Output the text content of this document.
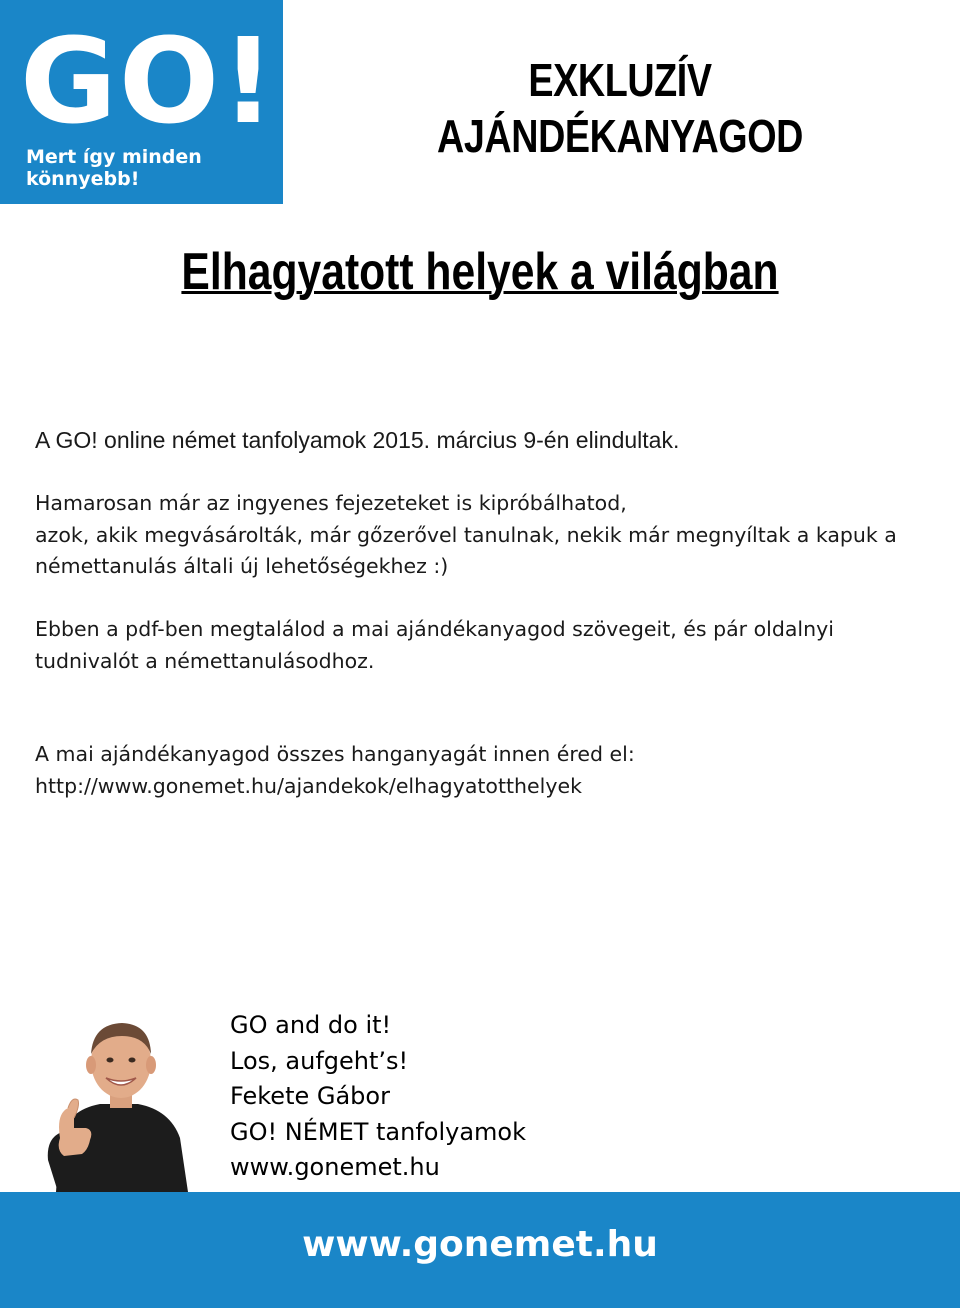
GO!
Mert így minden könnyebb!
EXKLUZÍV AJÁNDÉKANYAGOD
Elhagyatott helyek a világban
A GO! online német tanfolyamok 2015. március 9-én elindultak.
Hamarosan már az ingyenes fejezeteket is kipróbálhatod,
azok, akik megvásárolták, már gőzerővel tanulnak, nekik már megnyíltak a kapuk a
némettanulás általi új lehetőségekhez :)
Ebben a pdf-ben megtalálod a mai ajándékanyagod szövegeit, és pár oldalnyi
tudnivalót a némettanulásodhoz.
A mai ajándékanyagod összes hanganyagát innen éred el:
http://www.gonemet.hu/ajandekok/elhagyatotthelyek
GO and do it!
Los, aufgeht’s!
Fekete Gábor
GO! NÉMET tanfolyamok
www.gonemet.hu
www.gonemet.hu
